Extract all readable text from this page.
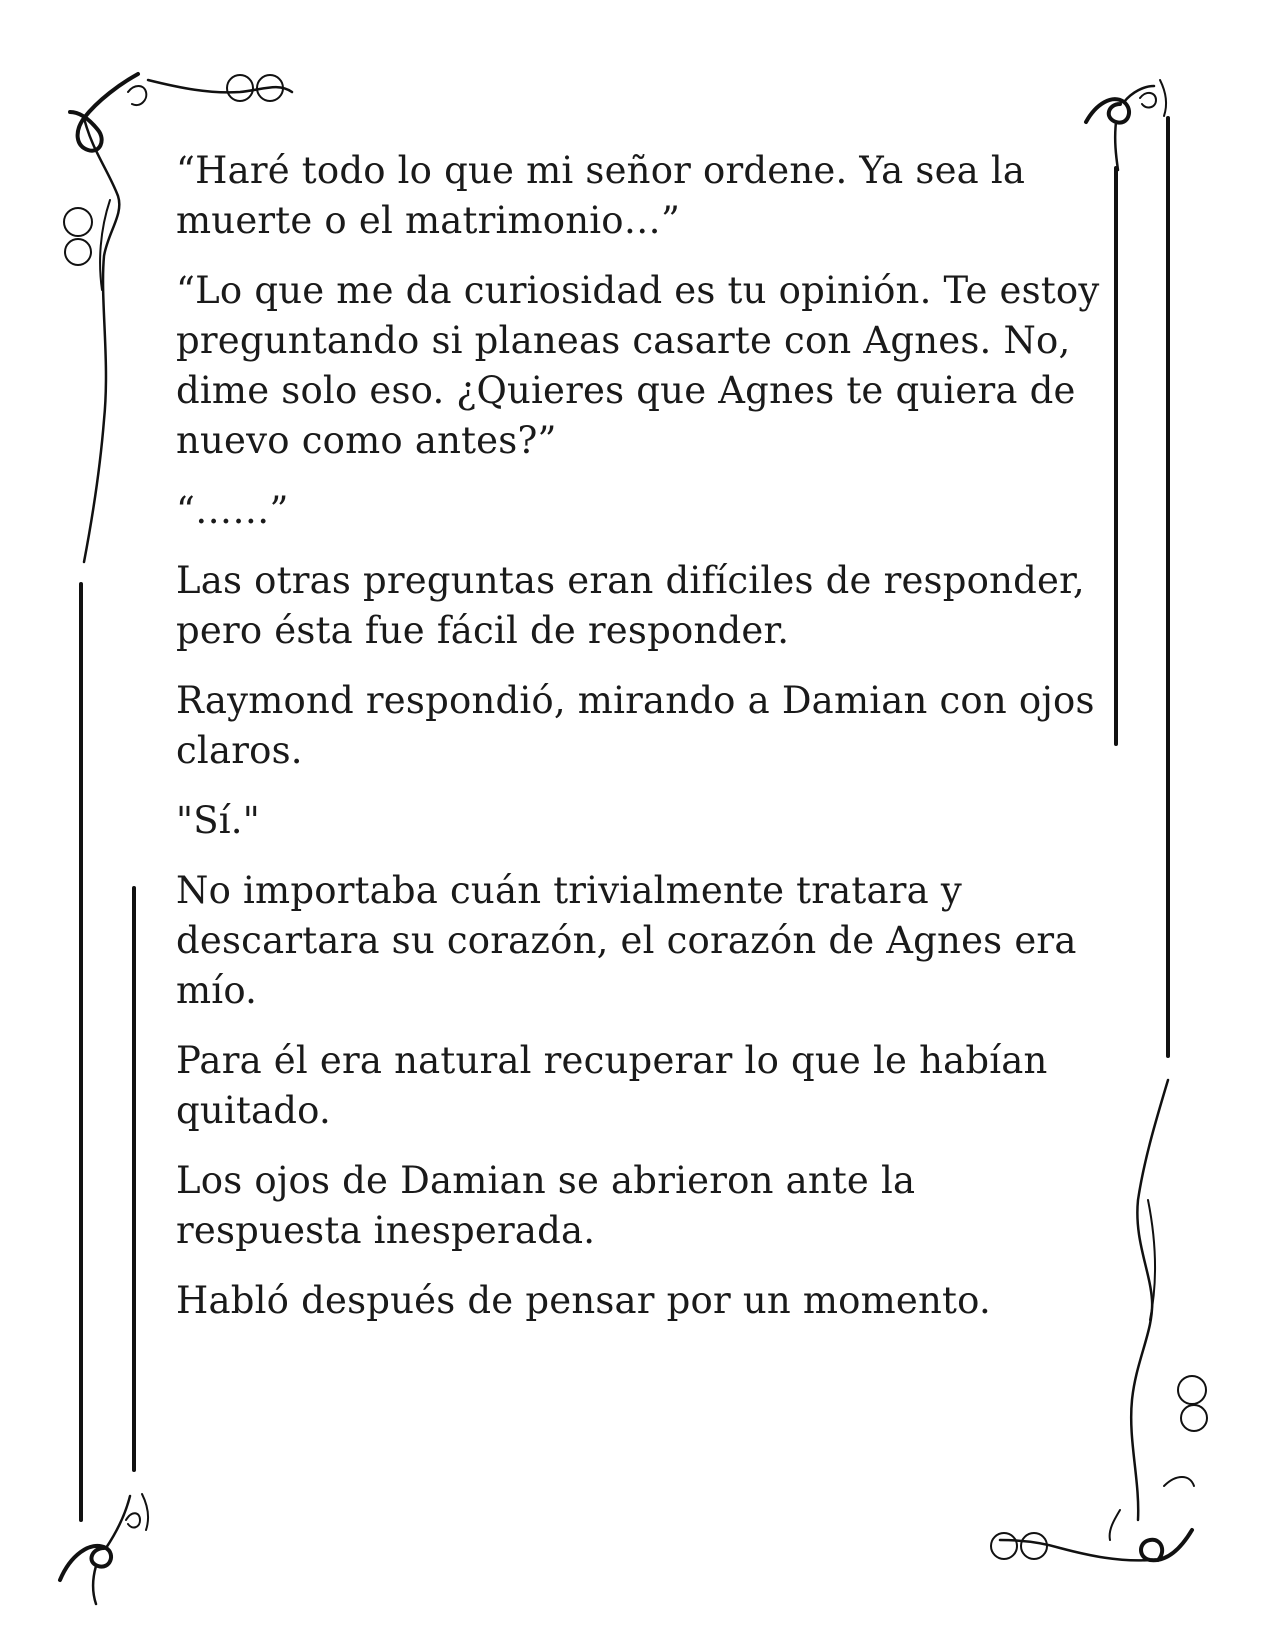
“Haré todo lo que mi señor ordene. Ya sea la muerte o el matrimonio…”

“Lo que me da curiosidad es tu opinión. Te estoy preguntando si planeas casarte con Agnes. No, dime solo eso. ¿Quieres que Agnes te quiera de nuevo como antes?”

“……”

Las otras preguntas eran difíciles de responder, pero ésta fue fácil de responder.

Raymond respondió, mirando a Damian con ojos claros.

"Sí."

No importaba cuán trivialmente tratara y descartara su corazón, el corazón de Agnes era mío.

Para él era natural recuperar lo que le habían quitado.

Los ojos de Damian se abrieron ante la respuesta inesperada.

Habló después de pensar por un momento.
